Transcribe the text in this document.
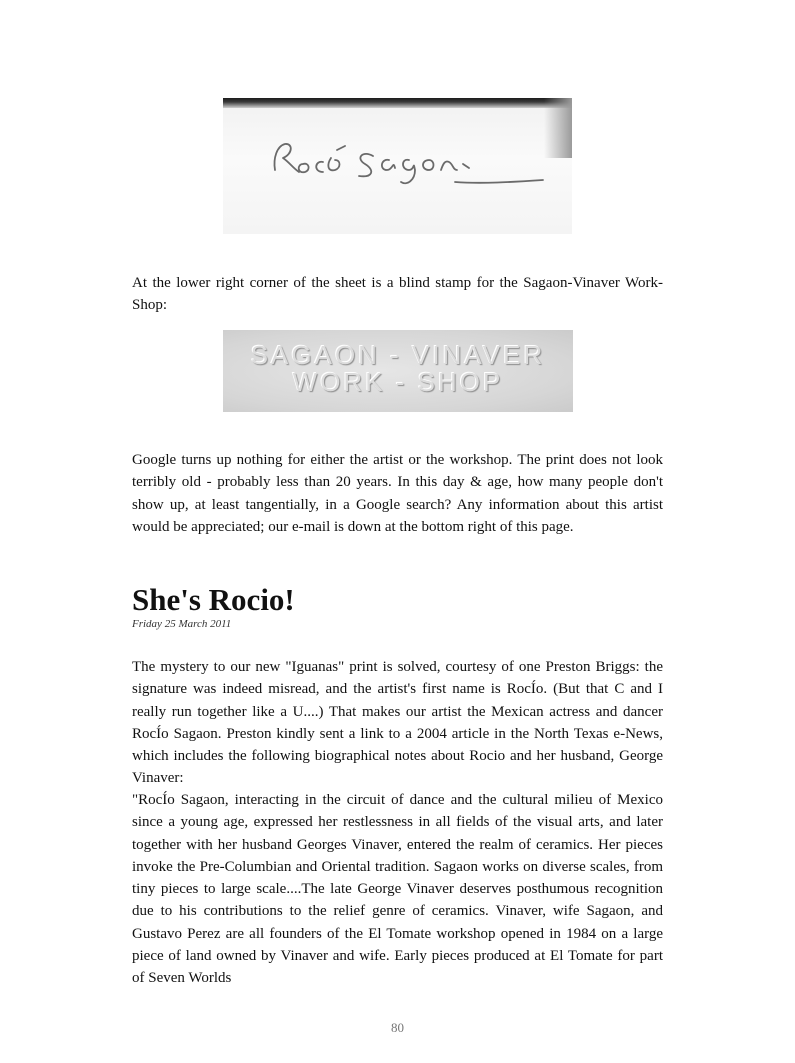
At the lower right corner of the sheet is a blind stamp for the Sagaon-Vinaver Work-Shop:

SAGAON - VINAVER
WORK - SHOP

Google turns up nothing for either the artist or the workshop. The print does not look terribly old - probably less than 20 years. In this day & age, how many people don't show up, at least tangentially, in a Google search? Any information about this artist would be appreciated; our e-mail is down at the bottom right of this page.

She's Rocio!
Friday 25 March 2011

The mystery to our new "Iguanas" print is solved, courtesy of one Preston Briggs: the signature was indeed misread, and the artist's first name is RocÍo. (But that C and I really run together like a U....) That makes our artist the Mexican actress and dancer RocÍo Sagaon. Preston kindly sent a link to a 2004 article in the North Texas e-News, which includes the following biographical notes about Rocio and her husband, George Vinaver:

"RocÍo Sagaon, interacting in the circuit of dance and the cultural milieu of Mexico since a young age, expressed her restlessness in all fields of the visual arts, and later together with her husband Georges Vinaver, entered the realm of ceramics. Her pieces invoke the Pre-Columbian and Oriental tradition. Sagaon works on diverse scales, from tiny pieces to large scale....The late George Vinaver deserves posthumous recognition due to his contributions to the relief genre of ceramics. Vinaver, wife Sagaon, and Gustavo Perez are all founders of the El Tomate workshop opened in 1984 on a large piece of land owned by Vinaver and wife. Early pieces produced at El Tomate for part of Seven Worlds

80
